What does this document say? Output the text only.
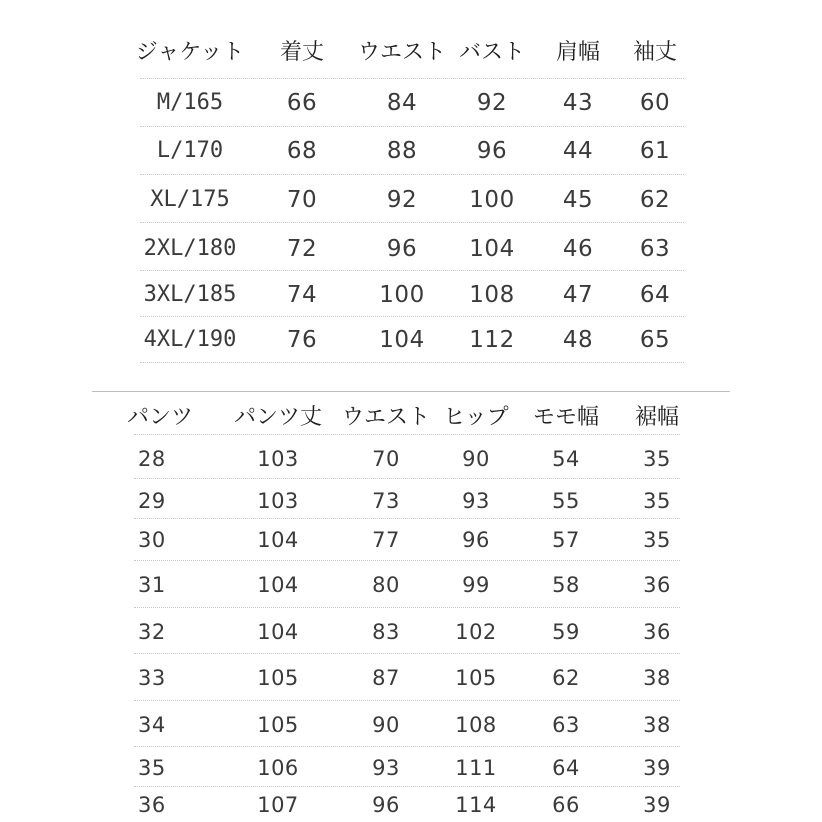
ジャケット 着丈 ウエスト バスト 肩幅 袖丈
M/165	66	84	92 43 60
L/170	68	88	96 44 61
XL/175 70	92 100 45 62
2XL/180 72	96 104 46 63
3XL/185 74	100 108 47 64
4XL/190 76	104 112 48 65
パンツ パンツ丈 ウエスト ヒップ モモ幅 裾幅
28	103	70	90	54	35
29	103	73	93	55	35
30	104	77	96	57	35
31	104	80	99	58	36
32	104	83	102	59	36
33	105	87	105	62	38
34	105	90	108	63	38
35	106	93	111	64	39
36	107	96	114	66	39
